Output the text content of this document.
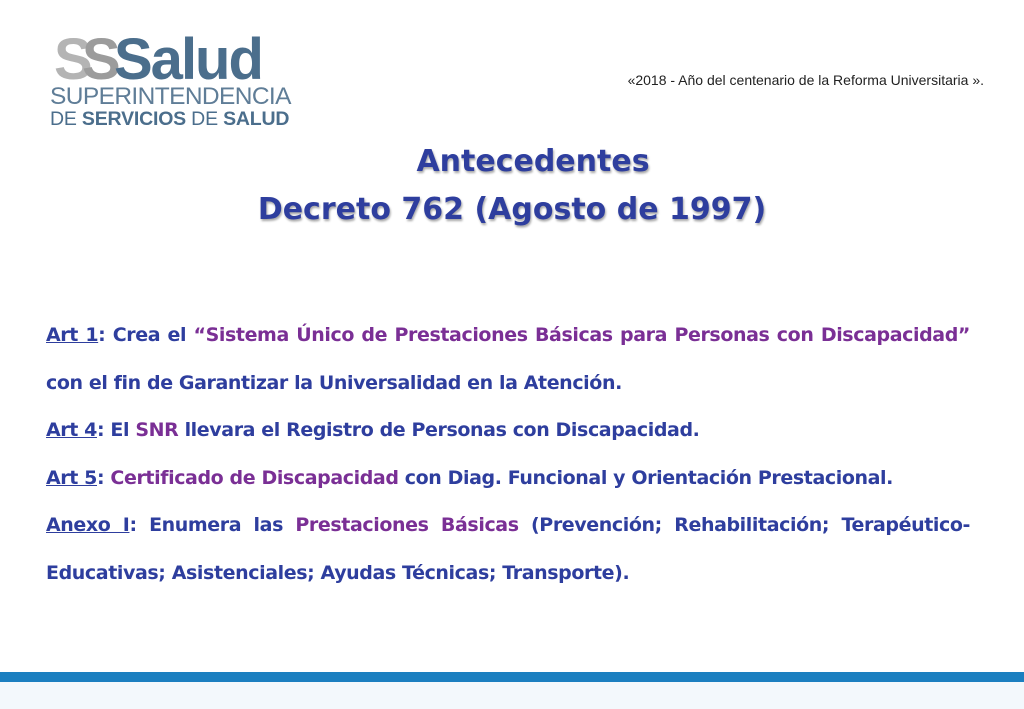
S
S Salud
SUPERINTENDENCIA
DE SERVICIOS DE SALUD
«2018 - Año del centenario de la Reforma Universitaria ».
Antecedentes
Decreto 762 (Agosto de 1997)

Art 1: Crea el “Sistema Único de Prestaciones Básicas para Personas con Discapacidad” con el fin de Garantizar la Universalidad en la Atención.

Art 4: El SNR llevara el Registro de Personas con Discapacidad.

Art 5: Certificado de Discapacidad con Diag. Funcional y Orientación Prestacional.

Anexo I: Enumera las Prestaciones Básicas (Prevención; Rehabilitación; Terapéutico-Educativas; Asistenciales; Ayudas Técnicas; Transporte).
